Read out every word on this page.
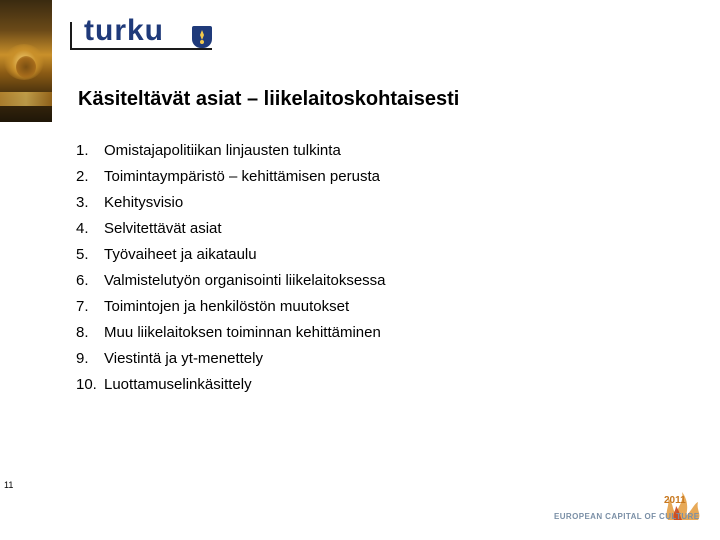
turku
Käsiteltävät asiat – liikelaitoskohtaisesti
1. Omistajapolitiikan linjausten tulkinta
2. Toimintaympäristö – kehittämisen perusta
3. Kehitysvisio
4. Selvitettävät asiat
5. Työvaiheet ja aikataulu
6. Valmistelutyön organisointi liikelaitoksessa
7. Toimintojen ja henkilöstön muutokset
8. Muu liikelaitoksen toiminnan kehittäminen
9. Viestintä ja yt-menettely
10. Luottamuselinkäsittely
11
2011
EUROPEAN CAPITAL OF CULTURE
